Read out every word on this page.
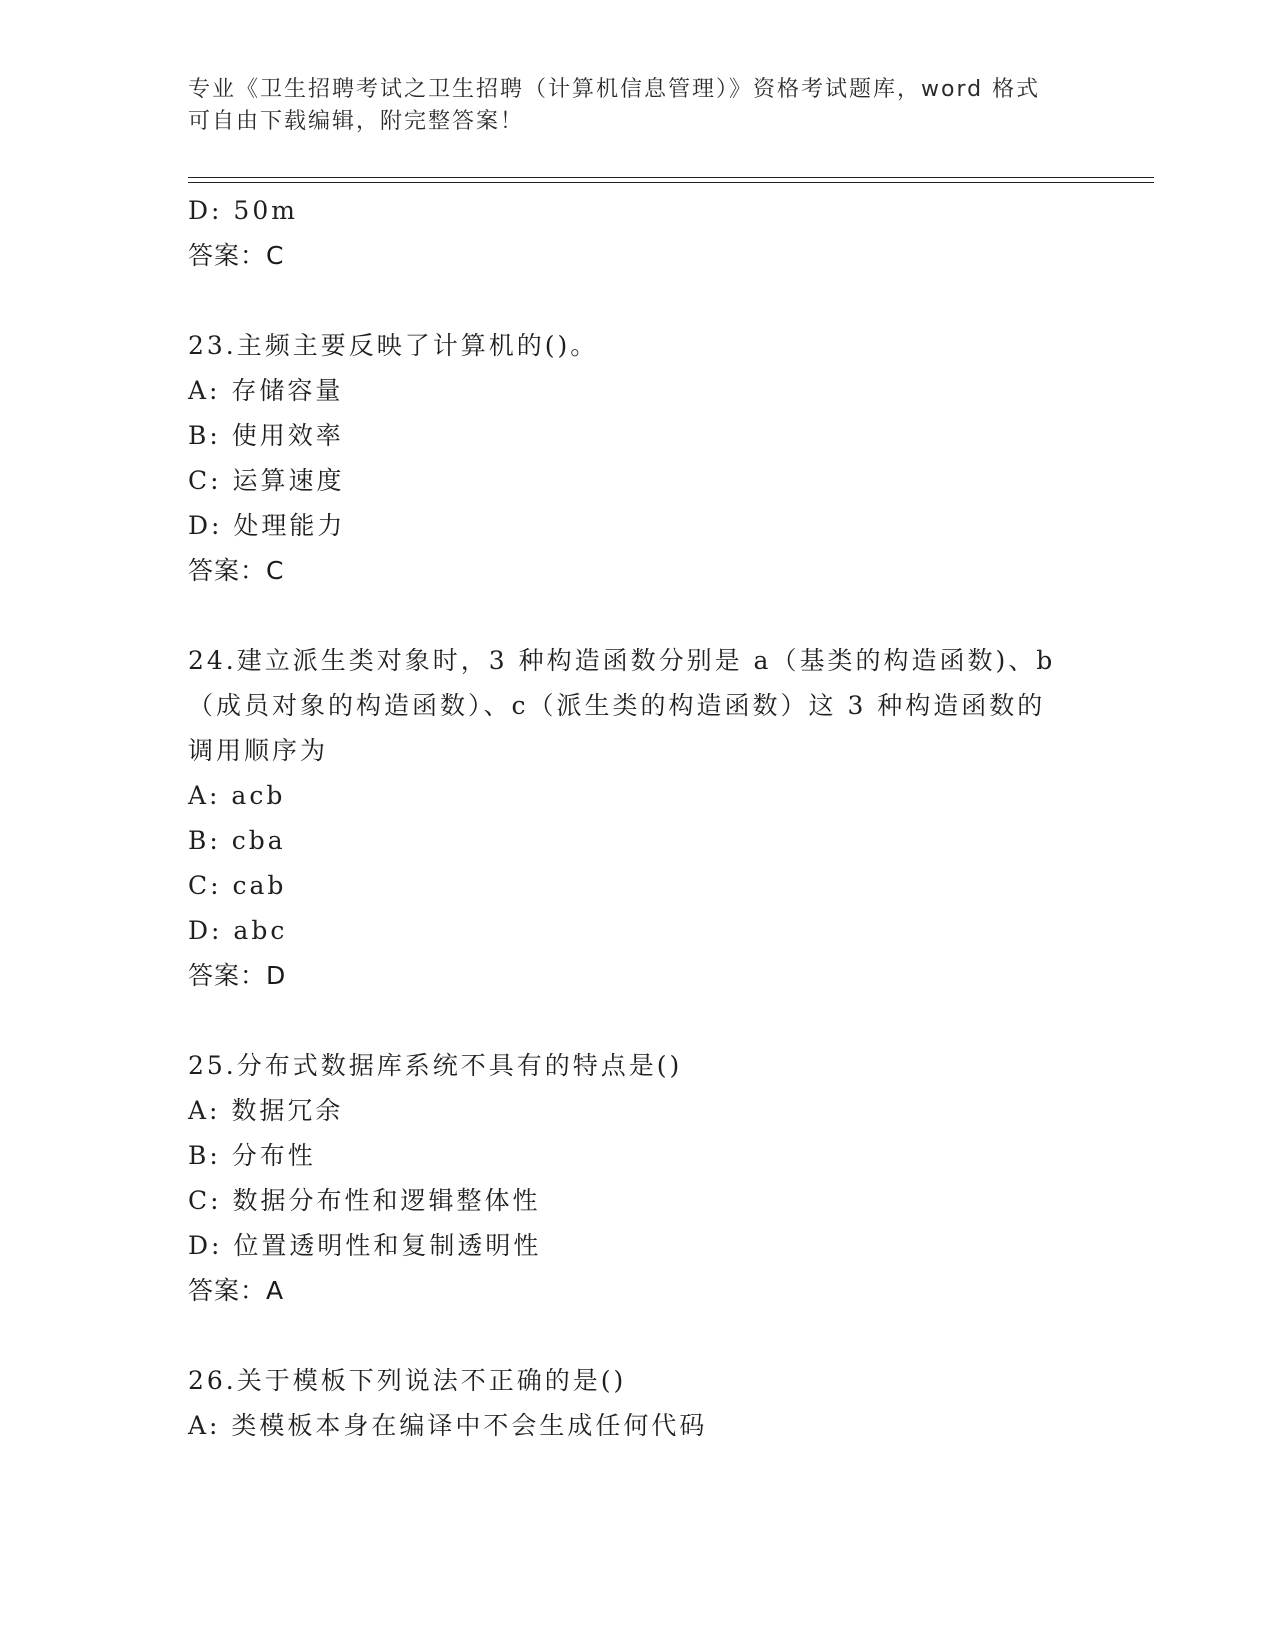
专业《卫生招聘考试之卫生招聘（计算机信息管理）》资格考试题库，word 格式
可自由下载编辑，附完整答案！
D: 50m
答案：C
23.主频主要反映了计算机的()。
A: 存储容量
B: 使用效率
C: 运算速度
D: 处理能力
答案：C
24.建立派生类对象时，3 种构造函数分别是 a（基类的构造函数)、b
（成员对象的构造函数）、c（派生类的构造函数）这 3 种构造函数的
调用顺序为
A: acb
B: cba
C: cab
D: abc
答案：D
25.分布式数据库系统不具有的特点是()
A: 数据冗余
B: 分布性
C: 数据分布性和逻辑整体性
D: 位置透明性和复制透明性
答案：A
26.关于模板下列说法不正确的是()
A: 类模板本身在编译中不会生成任何代码
